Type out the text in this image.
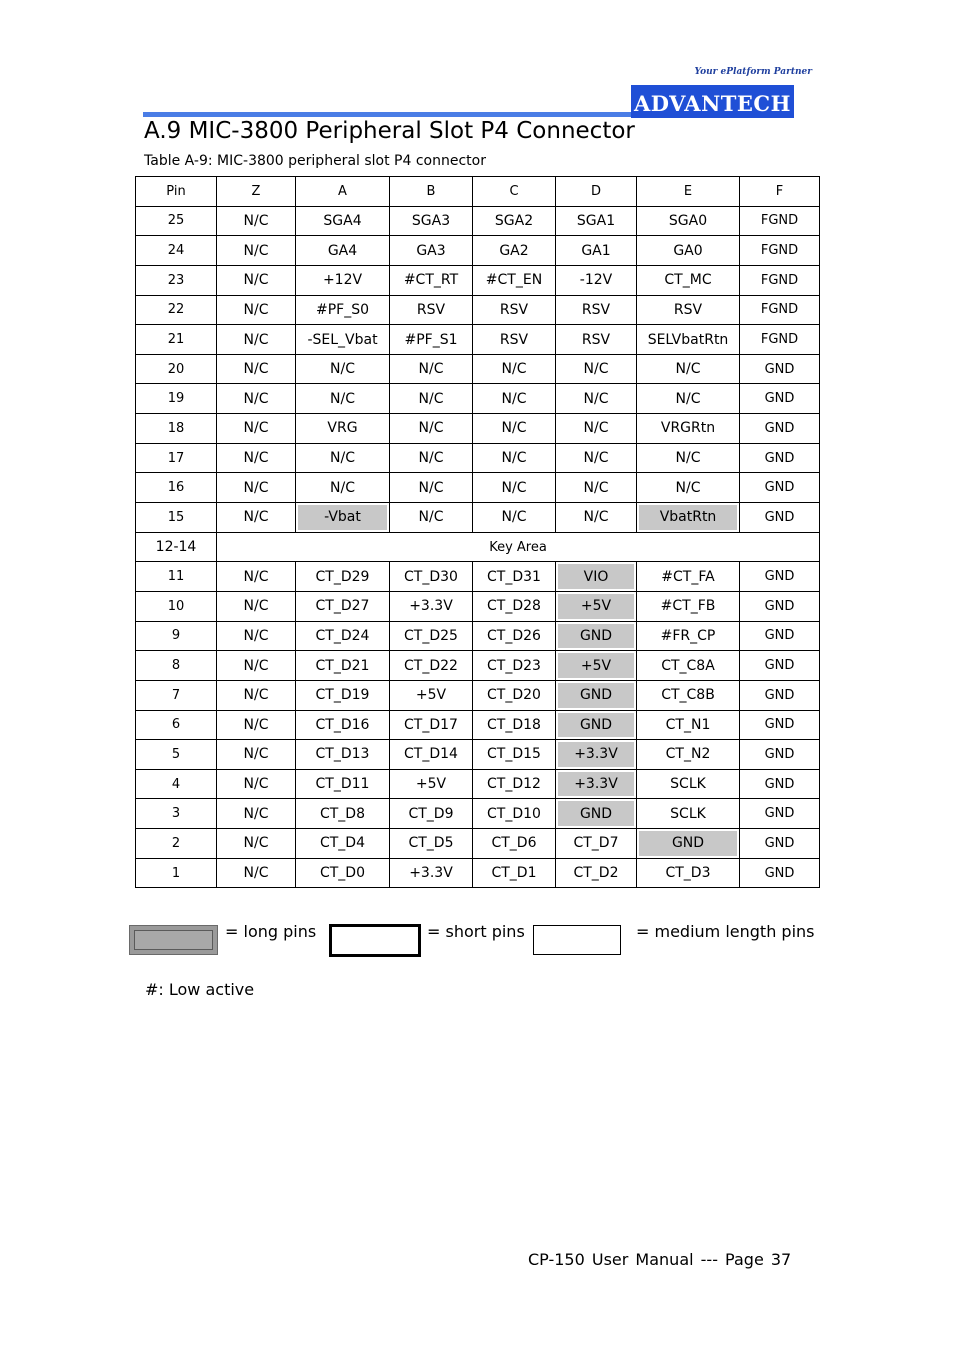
Your ePlatform Partner
ADVANTECH
A.9 MIC-3800 Peripheral Slot P4 Connector
Table A-9: MIC-3800 peripheral slot P4 connector
Pin	Z	A	B	C	D	E	F
25	N/C	SGA4	SGA3	SGA2	SGA1	SGA0	FGND
24	N/C	GA4	GA3	GA2	GA1	GA0	FGND
23	N/C	+12V	#CT_RT	#CT_EN	-12V	CT_MC	FGND
22	N/C	#PF_S0	RSV	RSV	RSV	RSV	FGND
21	N/C	-SEL_Vbat	#PF_S1	RSV	RSV	SELVbatRtn	FGND
20	N/C	N/C	N/C	N/C	N/C	N/C	GND
19	N/C	N/C	N/C	N/C	N/C	N/C	GND
18	N/C	VRG	N/C	N/C	N/C	VRGRtn	GND
17	N/C	N/C	N/C	N/C	N/C	N/C	GND
16	N/C	N/C	N/C	N/C	N/C	N/C	GND
15	N/C	-Vbat	N/C	N/C	N/C	VbatRtn	GND
12-14	Key Area						
11	N/C	CT_D29	CT_D30	CT_D31	VIO	#CT_FA	GND
10	N/C	CT_D27	+3.3V	CT_D28	+5V	#CT_FB	GND
9	N/C	CT_D24	CT_D25	CT_D26	GND	#FR_CP	GND
8	N/C	CT_D21	CT_D22	CT_D23	+5V	CT_C8A	GND
7	N/C	CT_D19	+5V	CT_D20	GND	CT_C8B	GND
6	N/C	CT_D16	CT_D17	CT_D18	GND	CT_N1	GND
5	N/C	CT_D13	CT_D14	CT_D15	+3.3V	CT_N2	GND
4	N/C	CT_D11	+5V	CT_D12	+3.3V	SCLK	GND
3	N/C	CT_D8	CT_D9	CT_D10	GND	SCLK	GND
2	N/C	CT_D4	CT_D5	CT_D6	CT_D7	GND	GND
1	N/C	CT_D0	+3.3V	CT_D1	CT_D2	CT_D3	GND
= long pins	= short pins	= medium length pins
#: Low active
CP-150 User Manual --- Page 37
